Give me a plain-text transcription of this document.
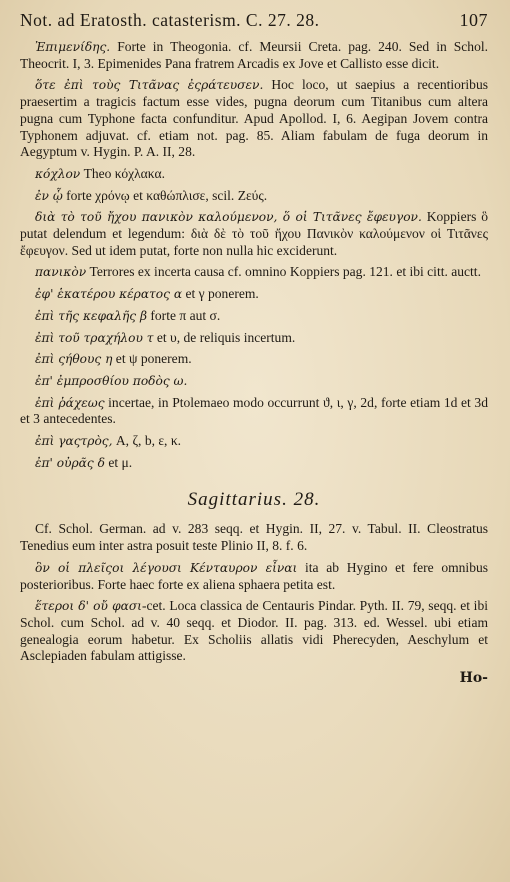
Not. ad Eratosth. catasterism. C. 27. 28.	107

Ἐπιμενίδης. Forte in Theogonia. cf. Meursii Creta. pag. 240. Sed in Schol. Theocrit. I, 3. Epimenides Pana fratrem Arcadis ex Jove et Callisto esse dicit.

ὅτε ἐπὶ τοὺς Τιτᾶνας ἐςράτευσεν. Hoc loco, ut saepius a recentioribus praesertim a tragicis factum esse vides, pugna deorum cum Titanibus cum altera pugna cum Typhone facta confunditur. Apud Apollod. I, 6. Aegipan Jovem contra Typhonem adjuvat. cf. etiam not. pag. 85. Aliam fabulam de fuga deorum in Aegyptum v. Hygin. P. A. II, 28.

κόχλον Theo κόχλακα.

ἐν ᾧ forte χρόνῳ et καθώπλισε, scil. Ζεύς.

διὰ τὸ τοῦ ἤχου πανικὸν καλούμενον, ὅ οἱ Τιτᾶνες ἔφευγον. Koppiers ὃ putat delendum et legendum: διὰ δὲ τὸ τοῦ ἤχου Πανικὸν καλούμενον οἱ Τιτᾶνες ἔφευγον. Sed ut idem putat, forte non nulla hic exciderunt.

πανικὸν Terrores ex incerta causa cf. omnino Koppiers pag. 121. et ibi citt. auctt.

ἐφ' ἑκατέρου κέρατος α et γ ponerem.

ἐπὶ τῆς κεφαλῆς β forte π aut σ.

ἐπὶ τοῦ τραχήλου τ et υ, de reliquis incertum.

ἐπὶ ςήθους η et ψ ponerem.

ἐπ' ἐμπροσθίου ποδὸς ω.

ἐπὶ ῥάχεως incertae, in Ptolemaeo modo occurrunt ϑ, ι, γ, 2d, forte etiam 1d et 3d et 3 antecedentes.

ἐπὶ γαςτρὸς, A, ζ, b, ε, κ.

ἐπ' οὐρᾶς δ et μ.

Sagittarius. 28.

Cf. Schol. German. ad v. 283 seqq. et Hygin. II, 27. v. Tabul. II. Cleostratus Tenedius eum inter astra posuit teste Plinio II, 8. f. 6.

ὃν οἱ πλεῖςοι λέγουσι Κένταυρον εἶναι ita ab Hygino et fere omnibus posterioribus. Forte haec forte ex aliena sphaera petita est.

ἕτεροι δ' οὔ φασι-cet. Loca classica de Centauris Pindar. Pyth. II. 79, seqq. et ibi Schol. cum Schol. ad v. 40 seqq. et Diodor. II. pag. 313. ed. Wessel. ubi etiam genealogia eorum habetur. Ex Scholiis allatis vidi Pherecyden, Aeschylum et Asclepiaden fabulam attigisse.

Ho-
